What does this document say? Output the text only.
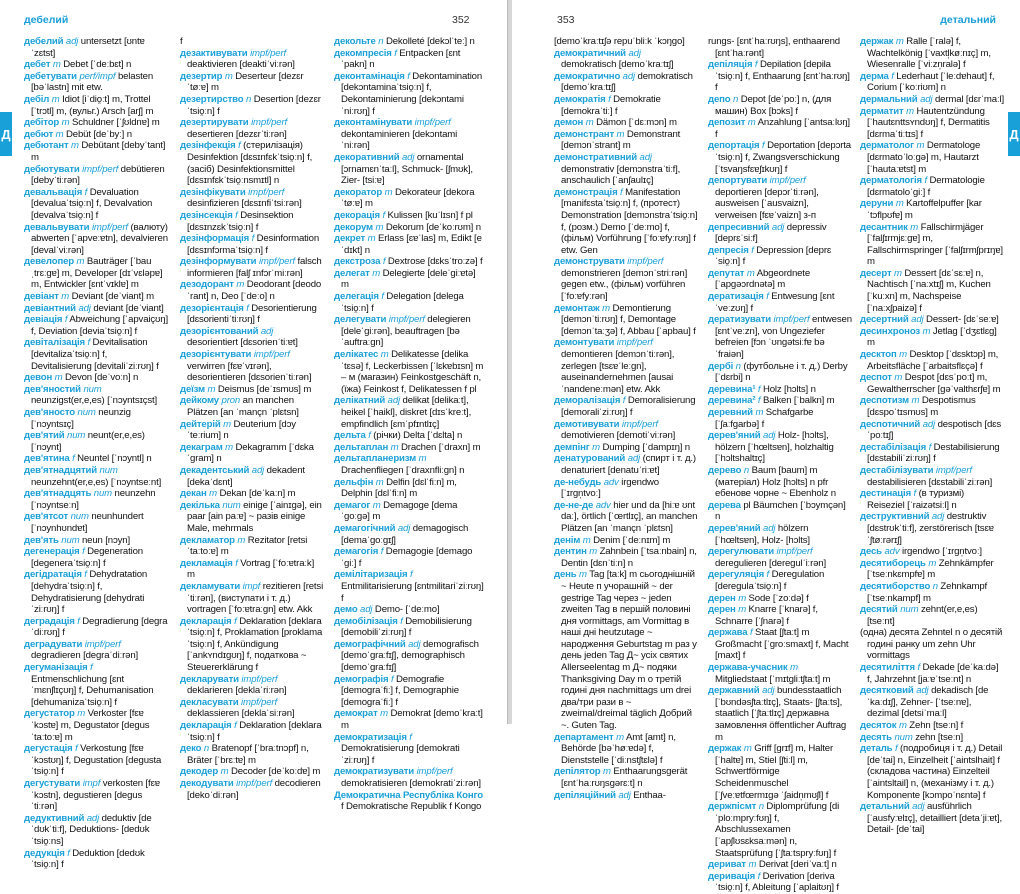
дебелий	352
Д

дебелий adj untersetzt [ʊntɐˈzɛtst]

дебет m Debet [ˈdeːbɛt] n

дебетувати perf/impf belasten [bəˈlastn] mit etw.

дебіл m Idiot [iˈdio̯ːt] m, Trottel [ˈtrɔtl] m, (вульг.) Arsch [arʃ] m

дебітор m Schuldner [ˈʃʊldnɐ] m

дебют m Debüt [deˈbyː] n

дебютант m Debütant [debyˈtant] m

дебютувати impf/perf debütieren [debyˈtiːrən]

девальвація f Devaluation [devaluaˈtsio̯ːn] f, Devalvation [devalvaˈtsio̯ːn] f

девальвувати impf/perf (валюту) abwerten [ˈapveːɐtn], devalvieren [devalˈviːrən]

девелопер m Bauträger [ˈbauˌtrɛːɡɐ] m, Developer [dɪˈvɛləpɐ] m, Entwickler [ɛntˈvɪklɐ] m

девіант m Deviant [deˈviant] m

девіантний adj deviant [deˈviant]

девіація f Abweichung [ˈapvaiçʊŋ] f, Deviation [deviaˈtsio̯ːn] f

девіталізація f Devitalisation [devitalizaˈtsio̯ːn] f, Devitalisierung [devitaliˈziːrʊŋ] f

девон m Devon [deˈvoːn] n

дев'яностий num neunzigst(er,e,es) [ˈnɔyntsɪçst]

дев'яносто num neunzig [ˈnɔyntsɪç]

дев'ятий num neunt(er,e,es) [ˈnɔynt]

дев'ятина f Neuntel [ˈnɔyntl] n

дев'ятнадцятий num neunzehnt(er,e,es) [ˈnɔyntseːnt]

дев'ятнадцять num neunzehn [ˈnɔyntseːn]

дев'ятсот num neunhundert [ˈnɔynhʊndɐt]

дев'ять num neun [nɔyn]

дегенерація f Degeneration [degeneraˈtsio̯ːn] f

дегідратація f Dehydratation [dehydraˈtsio̯ːn] f, Dehydratisierung [dehydratiˈziːrʊŋ] f

деградація f Degradierung [degraˈdiːrʊŋ] f

деградувати impf/perf degradieren [degraˈdiːrən]

дегуманізація f Entmenschlichung [ɛntˈmɛnʃlɪçʊŋ] f, Dehumanisation [dehumanizaˈtsio̯ːn] f

дегустатор m Verkoster [fɛɐˈkɔstɐ] m, Degustator [degusˈtaːtoːɐ] m

дегустація f Verkostung [fɛɐˈkɔstʊŋ] f, Degustation [degustaˈtsio̯ːn] f

дегустувати impf verkosten [fɛɐˈkɔstn], degustieren [degusˈtiːrən]

дедуктивний adj deduktiv [deˈdʊkˈtiːf], Deduktions- [dedʊkˈtsio̯ːns]

дедукція f Deduktion [dedʊkˈtsio̯ːn] f

f

дезактивувати impf/perf deaktivieren [deaktiˈviːrən]

дезертир m Deserteur [dezɛrˈtøːɐ] m

дезертирство n Desertion [dezɛrˈtsio̯ːn] f

дезертирувати impf/perf desertieren [dezɛrˈtiːrən]

дезінфекція f (стерилізація) Desinfektion [dɛsɪnfɛkˈtsio̯ːn] f, (засіб) Desinfektionsmittel [dɛsɪnfɛkˈtsio̯ːnsmɪtl] n

дезінфікувати impf/perf desinfizieren [dɛsɪnfiˈtsiːrən]

дезінсекція f Desinsektion [dɛsɪnzɛkˈtsio̯ːn] f

дезінформація f Desinformation [dɛsɪnfɔrmaˈtsio̯ːn] f

дезінформувати impf/perf falsch informieren [falʃ ɪnfɔrˈmiːrən]

дезодорант m Deodorant [deodoˈrant] n, Deo [ˈdeːo] n

дезорієнтація f Desorientierung [dɛsorientiˈtiːrʊŋ] f

дезорієнтований adj desorientiert [dɛsorienˈtiːɐt]

дезорієнтувати impf/perf verwirren [fɛɐˈvɪrən], desorientieren [dɛsorienˈtiːrən]

деїзм m Deismus [deˈɪsmʊs] m

дейкому pron an manchen Plätzen [an ˈmançn ˈplɛtsn]

дейтерій m Deuterium [dɔyˈteːrium] n

декаграм m Dekagramm [ˈdɛkaˈɡram] n

декадентський adj dekadent [dekaˈdɛnt]

декан m Dekan [deˈkaːn] m

декілька num einige [ˈainɪɡə], ein paar [ain paːɐ] ~ разів einige Male, mehrmals

декламатор m Rezitator [retsiˈtaːtoːɐ] m

декламація f Vortrag [ˈfoːɐtraːk] m

декламувати impf rezitieren [retsiˈtiːrən], (виступати і т. д.) vortragen [ˈfoːɐtraːɡn] etw. Akk

декларація f Deklaration [deklaraˈtsio̯ːn] f, Proklamation [proklamaˈtsio̯ːn] f, Ankündigung [ˈankʏndɪɡʊŋ] f, податкова ~ Steuererklärung f

декларувати impf/perf deklarieren [deklaˈriːrən]

декласувати impf/perf deklassieren [deklaˈsiːrən]

декларація f Deklaration [deklaraˈtsio̯ːn] f

деко n Bratenopf [ˈbraːtnɔpf] n, Bräter [ˈbrɛːtɐ] m

декодер m Decoder [deˈkoːdɐ] m

декодувати impf/perf decodieren [dekoˈdiːrən]

декольте n Dekolleté [dekɔlˈteː] n

декомпресія f Entpacken [ɛntˈpakn] n

деконтамінація f Dekontamination [dekɔntaminaˈtsio̯ːn] f, Dekontaminierung [dekɔntamiˈniːrʊŋ] f

деконтамінувати impf/perf dekontaminieren [dekɔntamiˈniːrən]

декоративний adj ornamental [ɔrnamɛnˈtaːl], Schmuck- [ʃmʊk], Zier- [tsiːɐ]

декоратор m Dekorateur [dekoraˈtøːɐ] m

декорація f Kulissen [kuˈlɪsn] f pl

декорум m Dekorum [deˈkoːrʊm] n

декрет m Erlass [ɛɐˈlas] m, Edikt [eˈdɪkt] n

декстроза f Dextrose [dɛksˈtroːzə] f

делегат m Delegierte [deleˈɡiːɐtə] m

делегація f Delegation [delegaˈtsio̯ːn] f

делегувати impf/perf delegieren [deleˈɡiːrən], beauftragen [bəˈauftraːɡn]

делікатес m Delikatesse [delikaˈtɛsə] f, Leckerbissen [ˈlɛkɐbɪsn] m – м (магазин) Feinkostgeschäft n, (їжа) Feinkost f, Delikatessen f pl

делікатний adj delikat [delikaːt], heikel [ˈhaikl], diskret [dɪsˈkreːt], empfindlich [ɛmˈpfɪntlɪç]

дельта f (річки) Delta [ˈdɛlta] n

дельтаплан m Drachen [ˈdraxn] m

дельтапланеризм m Drachenfliegen [ˈdraxnfliːɡn] n

дельфін m Delfin [dɛlˈfiːn] m, Delphin [dɛlˈfiːn] m

демагог m Demagoge [demaˈɡoːɡə] m

демагогічний adj demagogisch [demaˈɡoːɡɪʃ]

демагогія f Demagogie [demaɡoˈɡiː] f

демілітаризація f Entmilitarisierung [ɛntmilitariˈziːrʊŋ] f

демо adj Demo- [ˈdeːmo]

демобілізація f Demobilisierung [demobiliˈziːrʊŋ] f

демографічний adj demografisch [demoˈɡraːfɪʃ], demographisch [demoˈɡraːfɪʃ]

демографія f Demografie [demoɡraˈfiː] f, Demographie [demoɡraˈfiː] f

демократ m Demokrat [demoˈkraːt] m

демократизація f Demokratisierung [demokratiˈziːrʊŋ] f

демократизувати impf/perf demokratisieren [demokratiˈziːrən]

Демократична Республіка Конго f Demokratische Republik f Kongo

353	детальний
Д

[demoˈkraːtɪʃə repuˈbliːk ˈkɔŋɡo]

демократичний adj demokratisch [demoˈkraːtɪʃ]

демократично adj demokratisch [demoˈkraːtɪʃ]

демократія f Demokratie [demokraˈtiː] f

демон m Dämon [ˈdɛːmɔn] m

демонстрант m Demonstrant [demɔnˈstrant] m

демонстративний adj demonstrativ [demɔnstraˈtiːf], anschaulich [ˈanʃaulɪç]

демонстрація f Manifestation [manifɛstaˈtsio̯ːn] f, (протест) Demonstration [demɔnstraˈtsio̯ːn] f, (розм.) Demo [ˈdeːmo] f, (фільм) Vorführung [ˈfoːɐfyːrʊŋ] f etw. Gen

демонструвати impf/perf demonstrieren [demɔnˈstriːrən] gegen etw., (фільм) vorführen [ˈfoːɐfyːrən]

демонтаж m Demontierung [demɔnˈtiːrʊŋ] f, Demontage [demɔnˈtaːʒə] f, Abbau [ˈapbau] f

демонтувати impf/perf demontieren [demɔnˈtiːrən], zerlegen [tsɛɐˈleːɡn], auseinandernehmen [ausaiˈnandeneːmən] etw. Akk

деморалізація f Demoralisierung [demoraliˈziːrʊŋ] f

демотивувати impf/perf demotivieren [demotiˈviːrən]

демпінг m Dumping [ˈdampɪŋ] n

денатурований adj (спирт і т. д.) denaturiert [denatuˈriːɐt]

де-небудь adv irgendwo [ˈɪrɡn̩tvoː]

де-не-де adv hier und da [hiːɐ ʊnt daː], örtlich [ˈœrtlɪç], an manchen Plätzen [an ˈmançn ˈplɛtsn]

денім m Denim [ˈdeːnɪm] m

дентин m Zahnbein [ˈtsaːnbain] n, Dentin [dɛnˈtiːn] n

день m Tag [taːk] m сьогоднішній ~ Heute п учорашній ~ der gestrige Tag через ~ jeden zweiten Tag в першій половині дня vormittags, am Vormittag в наші дні heutzutage ~ народження Geburtstag m раз у день jeden Tag Д~ усіх святих Allerseelentag m Д~ подяки Thanksgiving Day m о третій годині дня nachmittags um drei два/три рази в ~ zweimal/dreimal täglich Добрий ~. Guten Tag.

департамент m Amt [amt] n, Behörde [bəˈhøːɐdə] f, Dienststelle [ˈdiːnstʃtɛlə] f

депілятор m Enthaarungsgerät [ɛntˈhaːrʊŋsɡərɛːt] n

депіляційний adj Enthaa-

rungs- [ɛntˈhaːrʊŋs], enthaarend [ɛntˈhaːrənt]

депіляція f Depilation [depilaˈtsio̯ːn] f, Enthaarung [ɛntˈhaːrʊŋ] f

депо n Depot [deˈpoː] n, (для машин) Box [bɔks] f

депозит m Anzahlung [ˈantsaːlʊŋ] f

депортація f Deportation [depɔrtaˈtsio̯ːn] f, Zwangsverschickung [ˈtsvaŋsfɛɐʃɪkʊŋ] f

депортувати impf/perf deportieren [depɔrˈtiːrən], ausweisen [ˈausvaizn], verweisen [fɛɐˈvaizn] з-п

депресивний adj depressiv [deprɛˈsiːf]

депресія f Depression [deprɛˈsio̯ːn] f

депутат m Abgeordnete [ˈapɡəɔrdnətə] m

дератизація f Entwesung [ɛntˈveːzʊŋ] f

дератизувати impf/perf entwesen [ɛntˈveːzn], von Ungeziefer befreien [fɔn ˈʊnɡətsiːfɐ bəˈfraiən]

дербі n (футбольне і т. д.) Derby [ˈdɛrbi] n

деревина¹ f Holz [hɔlts] n

деревина² f Balken [ˈbalkn] m

деревний m Schafgarbe [ˈʃaːfɡarbə] f

дерев'яний adj Holz- [hɔlts], hölzern [ˈhœltsɐn], holzhaltig [ˈhɔltshaltɪç]

дерево n Baum [baum] m (матеріал) Holz [hɔlts] n pfr ебенове чорне ~ Ebenholz n

дерева pl Bäumchen [ˈbɔymçən] n

дерев'яний adj hölzern [ˈhœltsɐn], Holz- [hɔlts]

дерегулювати impf/perf deregulieren [deregulˈiːrən]

дерегуляція f Deregulation [deregulaˈtsio̯ːn] f

дерен m Sode [ˈzoːdə] f

дерен m Knarre [ˈknarə] f, Schnarre [ˈʃnarə] f

держава f Staat [ʃtaːt] m Großmacht [ˈɡroːsmaxt] f, Macht [maxt] f

держава-учасник m Mitgliedstaat [ˈmɪtɡliːtʃtaːt] m

державний adj bundesstaatlich [ˈbʊndəsʃtaːtlɪç], Staats- [ʃtaːts], staatlich [ˈʃtaːtlɪç] державна замовлення öffentlicher Auftrag m

держак m Griff [ɡrɪf] m, Halter [ˈhaltɐ] m, Stiel [ʃtiːl] m, Schwertförmige Scheidenmuschel [ˈʃveːɐtfœrmɪɡə ˈʃaidn̩mʊʃl] f

держпісмт n Diplomprüfung [diˈploːmpryːfʊŋ] f, Abschlussexamen [ˈapʃlʊsɛksaːmən] n, Staatsprüfung [ˈʃtaːtspryːfʊŋ] f

дериват m Derivat [deriˈvaːt] n

деривація f Derivation [derivaˈtsio̯ːn] f, Ableitung [ˈaplaitʊŋ] f

держак m Ralle [ˈralə] f, Wachtelkönig [ˈvaxtl̩køːnɪç] m, Wiesenralle [ˈviːzn̩ralə] f

дерма f Lederhaut [ˈleːdɐhaut] f, Corium [ˈkoːriʊm] n

дермальний adj dermal [dɛrˈmaːl]

дерматит m Hautentzündung [ˈhautɛnttsʏndʊŋ] f, Dermatitis [dɛrmaˈtiːtɪs] f

дерматолог m Dermatologe [dɛrmatoˈloːɡə] m, Hautarzt [ˈhautaːɐtst] m

дерматологія f Dermatologie [dɛrmatoloˈɡiː] f

деруни m Kartoffelpuffer [karˈtɔflpʊfɐ] m

десантник m Fallschirmjäger [ˈfalʃɪrmjɛːɡɐ] m, Fallschirmspringer [ˈfalʃɪrmʃprɪŋɐ] m

десерт m Dessert [dɛˈsɛːɐ] n, Nachtisch [ˈnaːxtɪʃ] m, Kuchen [ˈkuːxn] m, Nachspeise [ˈnaːxʃpaizə] f

десертний adj Dessert- [dɛˈseːɐ]

десинхроноз m Jetlag [ˈdʒɛtlɛɡ] m

десктоп m Desktop [ˈdɛsktɔp] m, Arbeitsfläche [ˈarbaitsflɛçə] f

деспот m Despot [dɛsˈpoːt] m, Gewaltherrscher [ɡəˈvalthɛrʃɐ] m

деспотизм m Despotismus [dɛspoˈtɪsmʊs] m

деспотичний adj despotisch [dɛsˈpoːtɪʃ]

дестабілізація f Destabilisierung [dɛstabiliˈziːrʊŋ] f

дестабілізувати impf/perf destabilisieren [dɛstabiliˈziːrən]

дестинація f (в туризмі) Reiseziel [ˈraizətsiːl] n

деструктивний adj destruktiv [dɛstrʊkˈtiːf], zerstörerisch [tsɛɐˈʃtøːrərɪʃ]

десь adv irgendwo [ˈɪrɡn̩tvoː]

десятиборець m Zehnkämpfer [ˈtseːnkɛmpfɐ] m

десятиборство n Zehnkampf [ˈtseːnkampf] m

десятий num zehnt(er,e,es) [tseːnt]

(одна) десята Zehntel n о десятій годині ранку um zehn Uhr vormittags

десятиліття f Dekade [deˈkaːdə] f, Jahrzehnt [jaːɐˈtseːnt] n

десятковий adj dekadisch [deˈkaːdɪʃ], Zehner- [ˈtseːnɐ], dezimal [detsiˈmaːl]

десяток m Zehn [tseːn] f

десять num zehn [tseːn]

деталь f (подробиця і т. д.) Detail [deˈtai] n, Einzelheit [ˈaintslhait] f (складова частина) Einzelteil [ˈaintsltail] n, (механізму і т. д.) Komponente [kɔmpoˈnɛntə] f

детальний adj ausführlich [ˈausfyːɐlɪç], detailliert [detaˈjiːɐt], Detail- [deˈtai]
